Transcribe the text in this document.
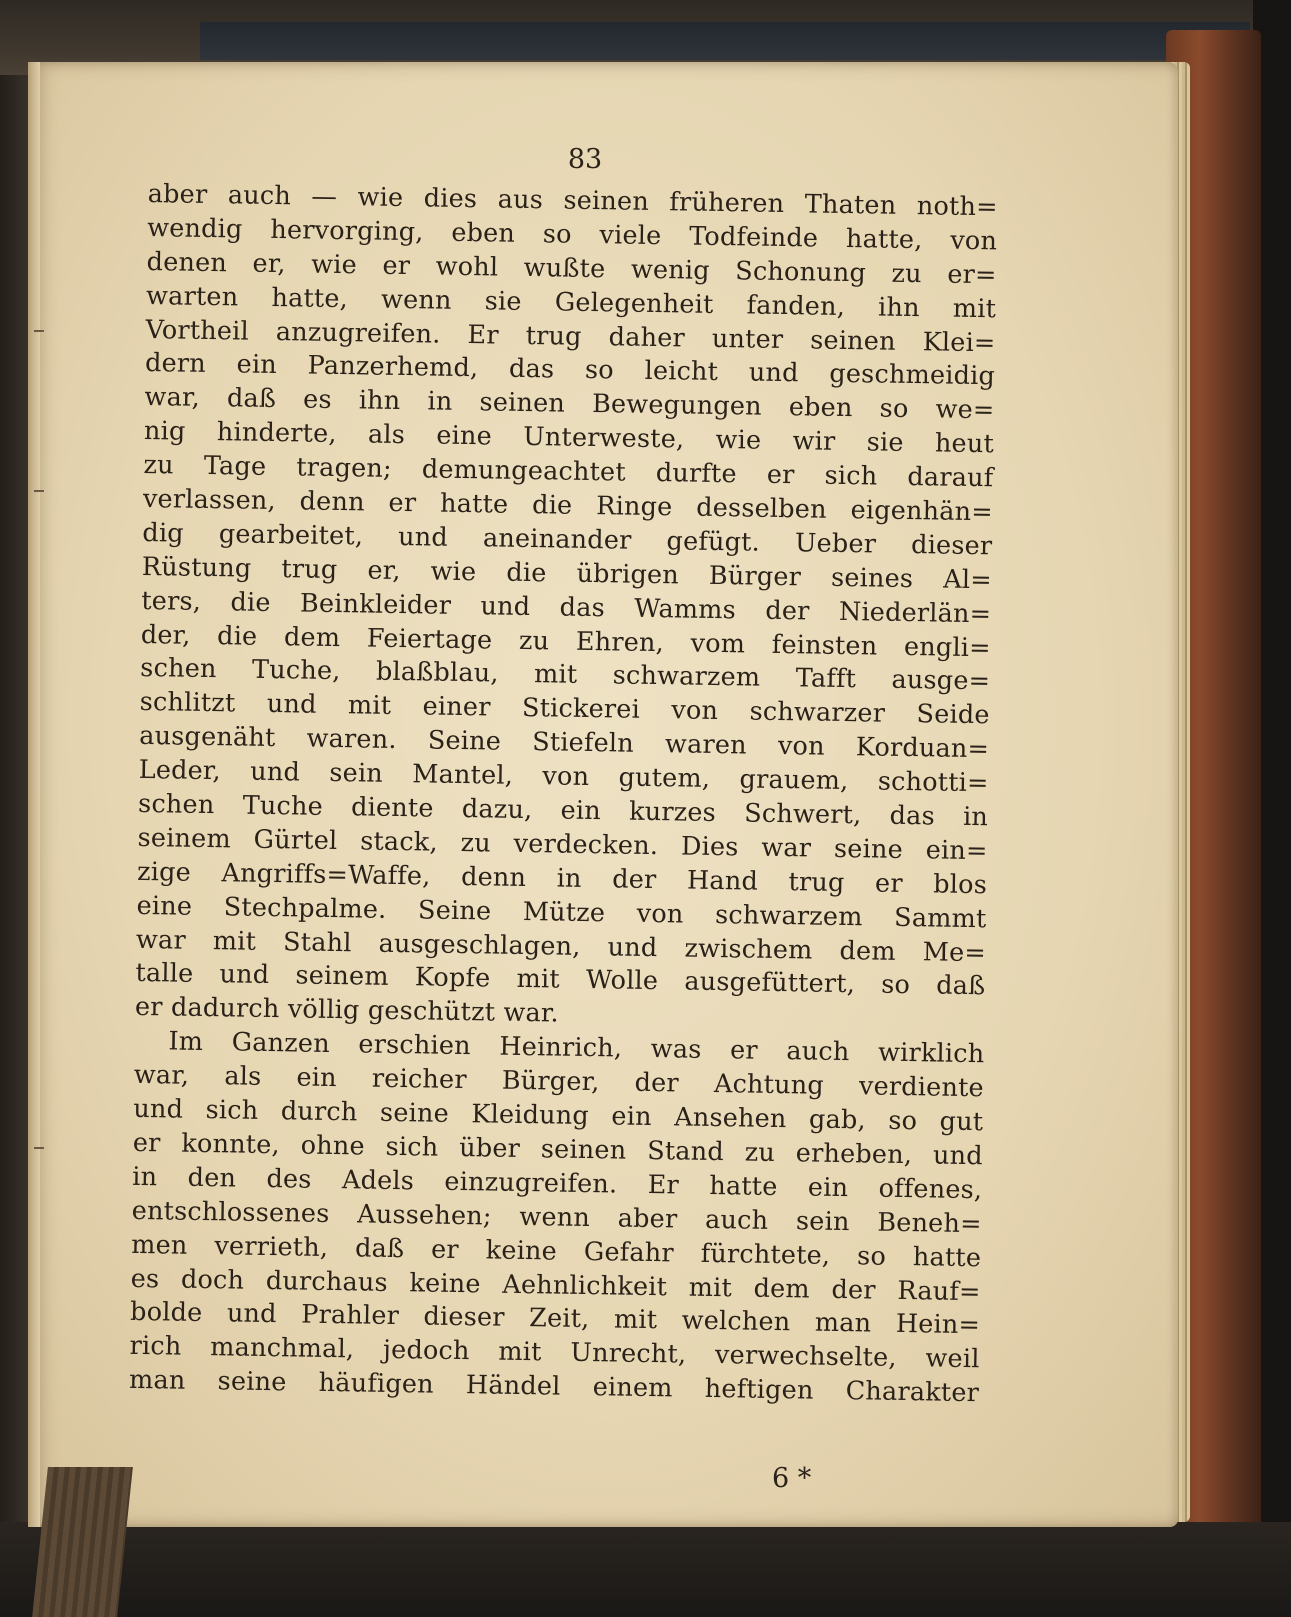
83

aber auch — wie dies aus seinen früheren Thaten noth=
wendig hervorging, eben so viele Todfeinde hatte, von
denen er, wie er wohl wußte wenig Schonung zu er=
warten hatte, wenn sie Gelegenheit fanden, ihn mit
Vortheil anzugreifen. Er trug daher unter seinen Klei=
dern ein Panzerhemd, das so leicht und geschmeidig
war, daß es ihn in seinen Bewegungen eben so we=
nig hinderte, als eine Unterweste, wie wir sie heut
zu Tage tragen; demungeachtet durfte er sich darauf
verlassen, denn er hatte die Ringe desselben eigenhän=
dig gearbeitet, und aneinander gefügt. Ueber dieser
Rüstung trug er, wie die übrigen Bürger seines Al=
ters, die Beinkleider und das Wamms der Niederlän=
der, die dem Feiertage zu Ehren, vom feinsten engli=
schen Tuche, blaßblau, mit schwarzem Tafft ausge=
schlitzt und mit einer Stickerei von schwarzer Seide
ausgenäht waren. Seine Stiefeln waren von Korduan=
Leder, und sein Mantel, von gutem, grauem, schotti=
schen Tuche diente dazu, ein kurzes Schwert, das in
seinem Gürtel stack, zu verdecken. Dies war seine ein=
zige Angriffs=Waffe, denn in der Hand trug er blos
eine Stechpalme. Seine Mütze von schwarzem Sammt
war mit Stahl ausgeschlagen, und zwischem dem Me=
talle und seinem Kopfe mit Wolle ausgefüttert, so daß
er dadurch völlig geschützt war.
Im Ganzen erschien Heinrich, was er auch wirklich
war, als ein reicher Bürger, der Achtung verdiente
und sich durch seine Kleidung ein Ansehen gab, so gut
er konnte, ohne sich über seinen Stand zu erheben, und
in den des Adels einzugreifen. Er hatte ein offenes,
entschlossenes Aussehen; wenn aber auch sein Beneh=
men verrieth, daß er keine Gefahr fürchtete, so hatte
es doch durchaus keine Aehnlichkeit mit dem der Rauf=
bolde und Prahler dieser Zeit, mit welchen man Hein=
rich manchmal, jedoch mit Unrecht, verwechselte, weil
man seine häufigen Händel einem heftigen Charakter

6 *
